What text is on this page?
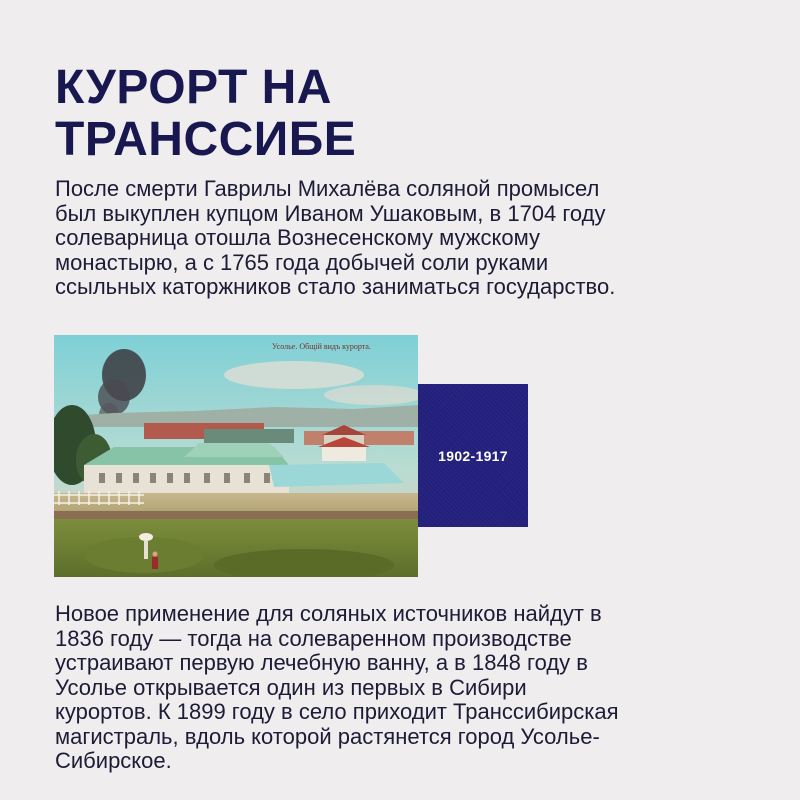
КУРОРТ НА
ТРАНССИБЕ

После смерти Гаврилы Михалёва соляной промысел
был выкуплен купцом Иваном Ушаковым, в 1704 году
солеварница отошла Вознесенскому мужскому
монастырю, а с 1765 года добычей соли руками
ссыльных каторжников стало заниматься государство.

Усолье. Общій видъ курорта.
1902-1917

Новое применение для соляных источников найдут в
1836 году — тогда на солеваренном производстве
устраивают первую лечебную ванну, а в 1848 году в
Усолье открывается один из первых в Сибири
курортов. К 1899 году в село приходит Транссибирская
магистраль, вдоль которой растянется город Усолье-
Сибирское.
